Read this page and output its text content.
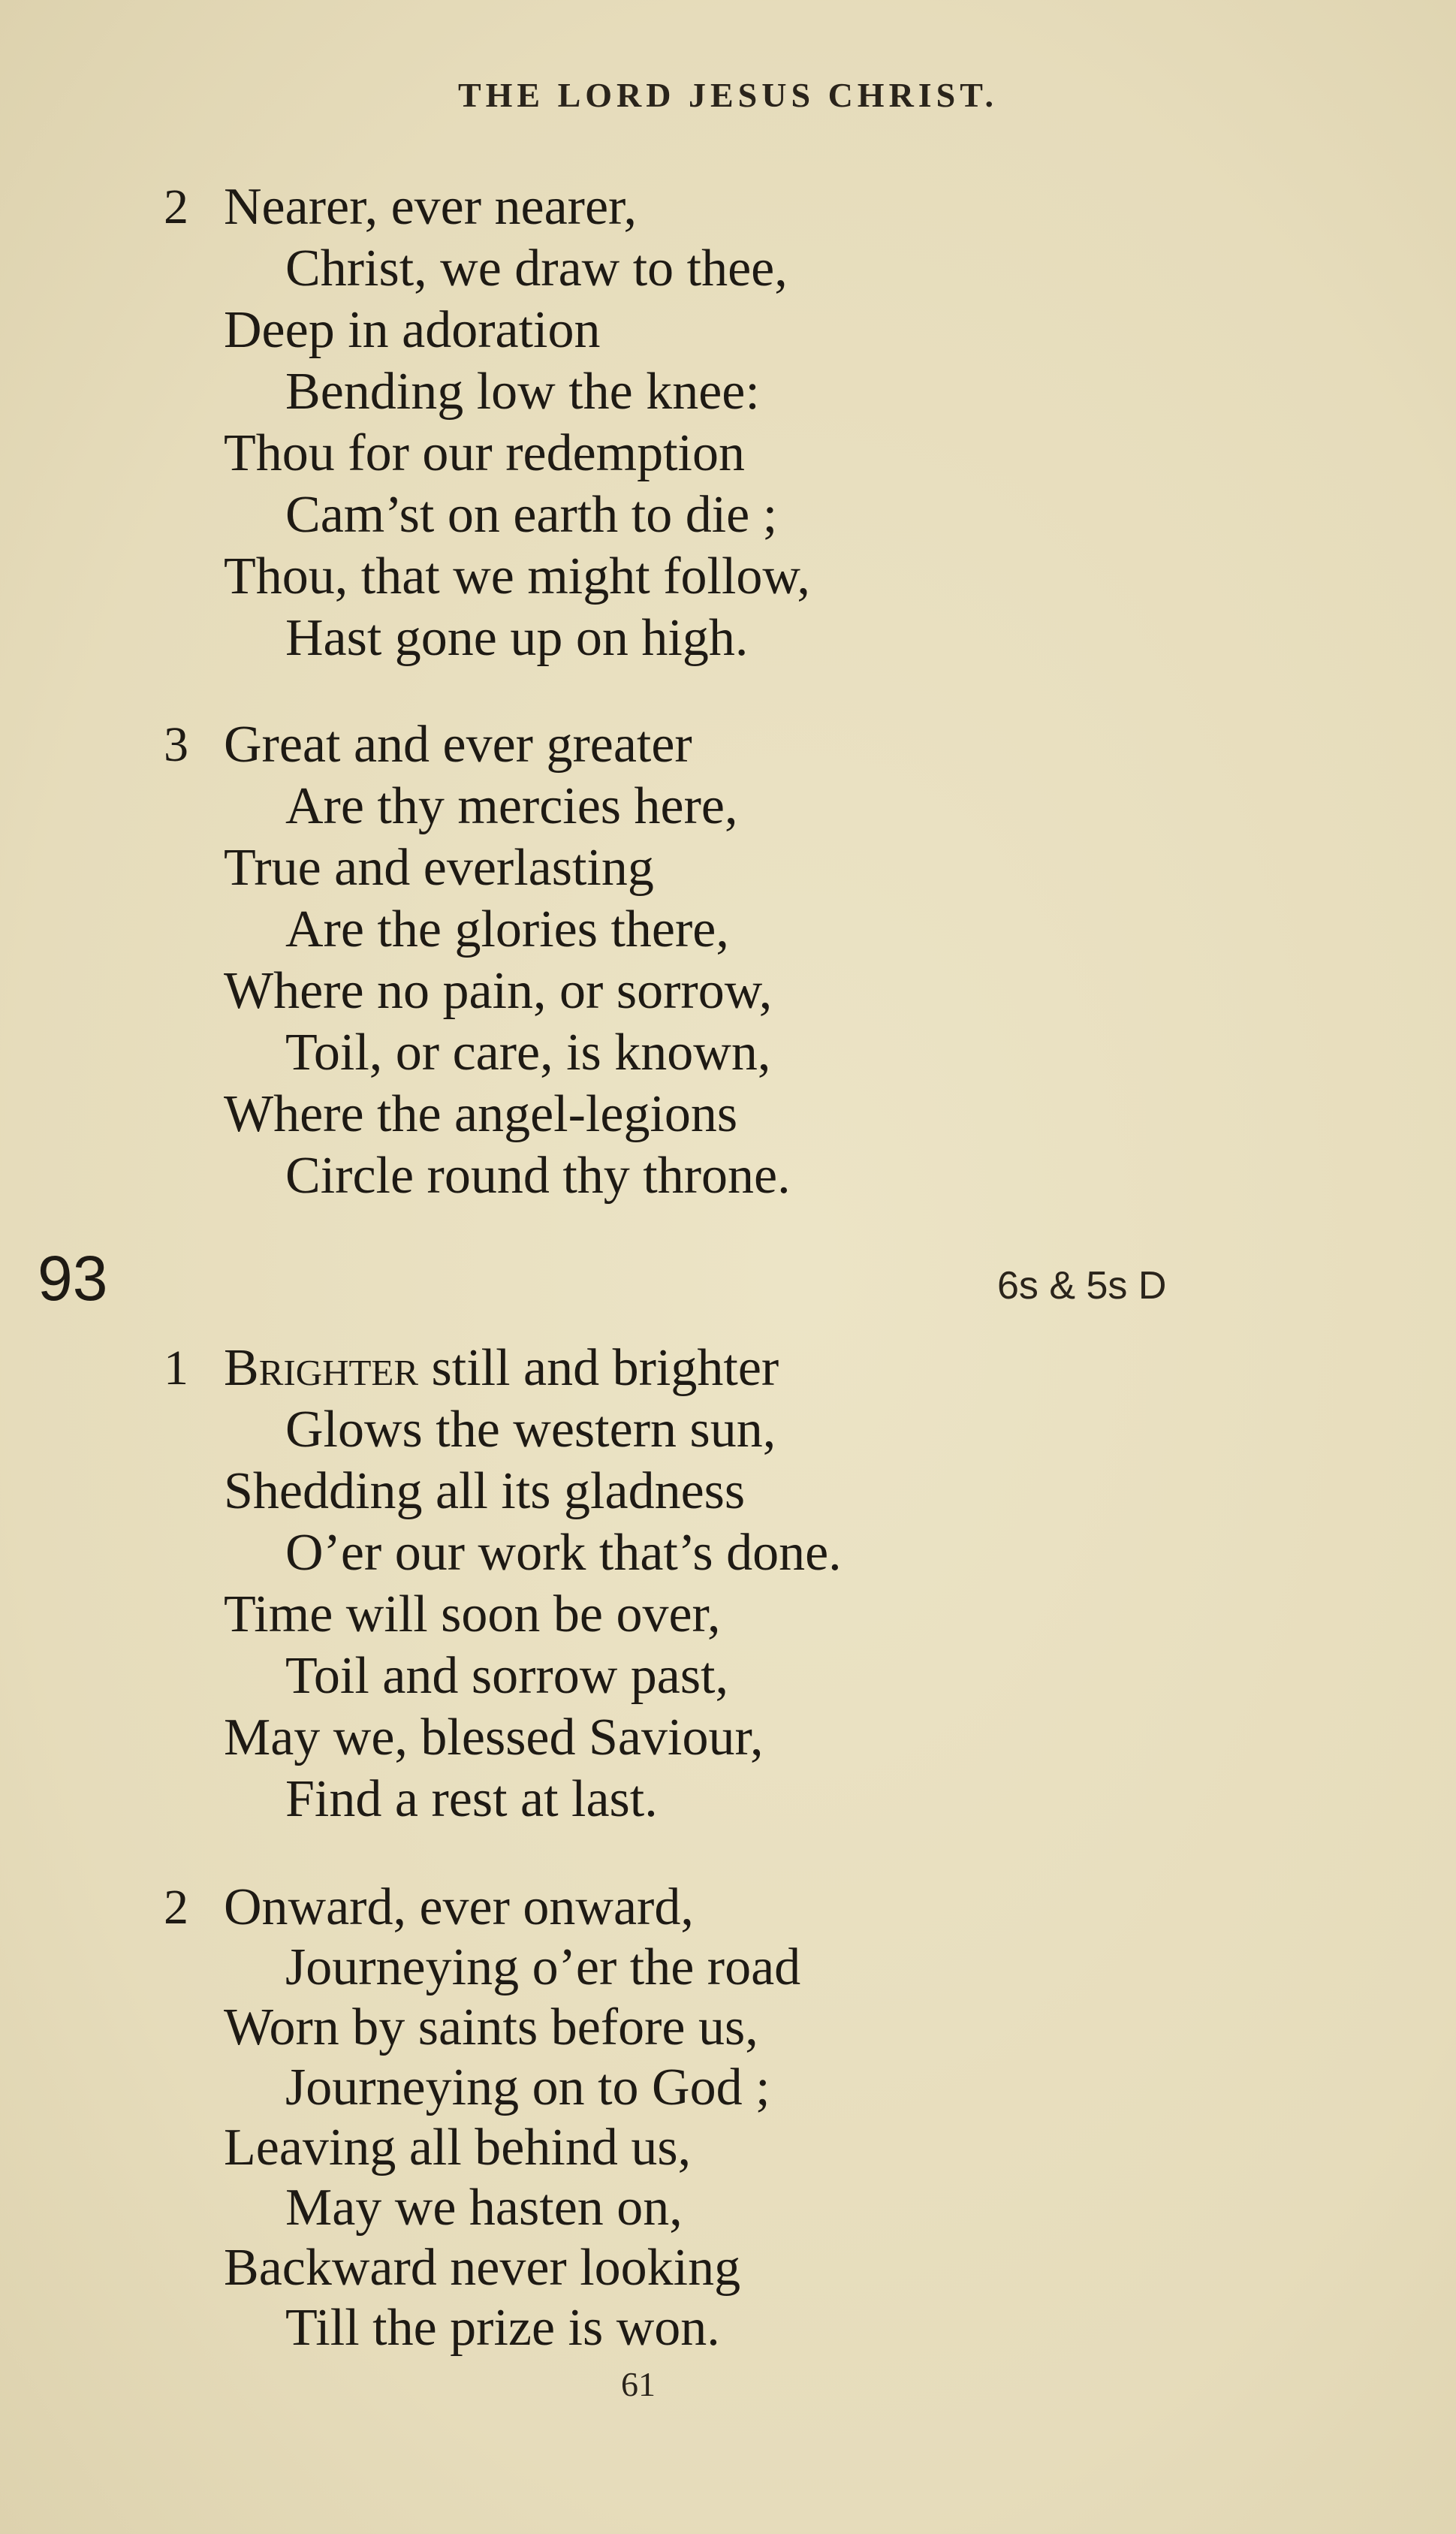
THE LORD JESUS CHRIST.
2 Nearer, ever nearer,
Christ, we draw to thee,
Deep in adoration
Bending low the knee:
Thou for our redemption
Cam’st on earth to die ;
Thou, that we might follow,
Hast gone up on high.
3 Great and ever greater
Are thy mercies here,
True and everlasting
Are the glories there,
Where no pain, or sorrow,
Toil, or care, is known,
Where the angel-legions
Circle round thy throne.
93	6s & 5s D
1 Brighter still and brighter
Glows the western sun,
Shedding all its gladness
O’er our work that’s done.
Time will soon be over,
Toil and sorrow past,
May we, blessed Saviour,
Find a rest at last.
2 Onward, ever onward,
Journeying o’er the road
Worn by saints before us,
Journeying on to God ;
Leaving all behind us,
May we hasten on,
Backward never looking
Till the prize is won.
61
